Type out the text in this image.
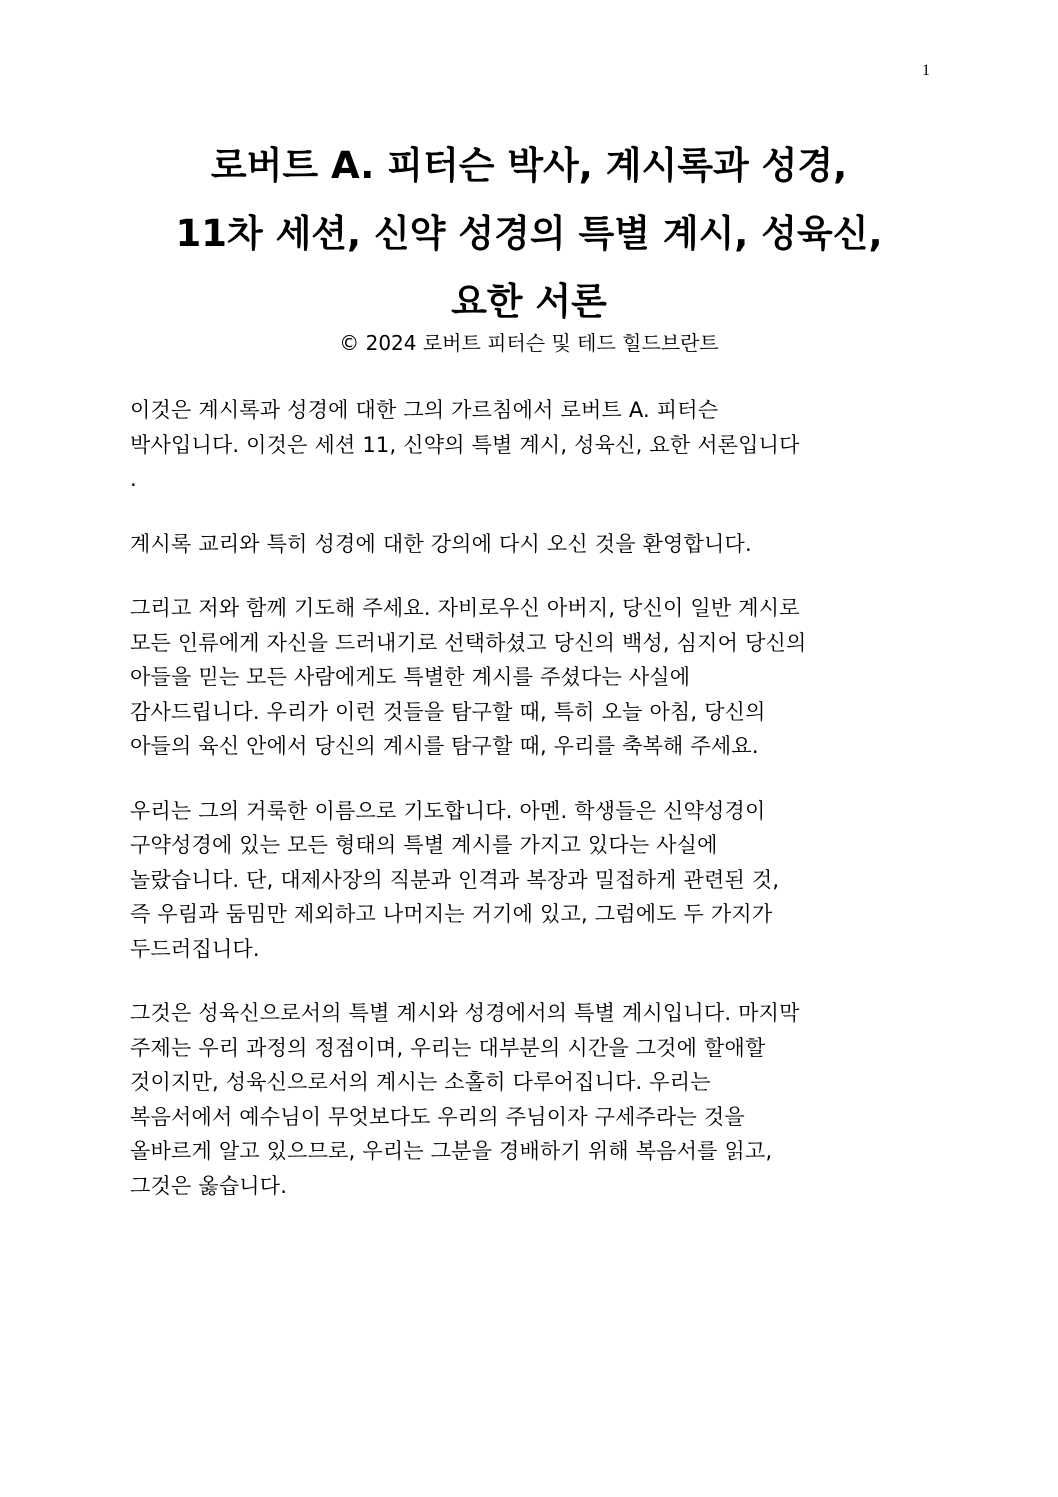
1
로버트 A. 피터슨 박사, 계시록과 성경,
11차 세션, 신약 성경의 특별 계시, 성육신,
요한 서론
© 2024 로버트 피터슨 및 테드 힐드브란트

이것은 계시록과 성경에 대한 그의 가르침에서 로버트 A. 피터슨
박사입니다. 이것은 세션 11, 신약의 특별 계시, 성육신, 요한 서론입니다
.

계시록 교리와 특히 성경에 대한 강의에 다시 오신 것을 환영합니다.

그리고 저와 함께 기도해 주세요. 자비로우신 아버지, 당신이 일반 계시로
모든 인류에게 자신을 드러내기로 선택하셨고 당신의 백성, 심지어 당신의
아들을 믿는 모든 사람에게도 특별한 계시를 주셨다는 사실에
감사드립니다. 우리가 이런 것들을 탐구할 때, 특히 오늘 아침, 당신의
아들의 육신 안에서 당신의 계시를 탐구할 때, 우리를 축복해 주세요.

우리는 그의 거룩한 이름으로 기도합니다. 아멘. 학생들은 신약성경이
구약성경에 있는 모든 형태의 특별 계시를 가지고 있다는 사실에
놀랐습니다. 단, 대제사장의 직분과 인격과 복장과 밀접하게 관련된 것,
즉 우림과 둠밈만 제외하고 나머지는 거기에 있고, 그럼에도 두 가지가
두드러집니다.

그것은 성육신으로서의 특별 계시와 성경에서의 특별 계시입니다. 마지막
주제는 우리 과정의 정점이며, 우리는 대부분의 시간을 그것에 할애할
것이지만, 성육신으로서의 계시는 소홀히 다루어집니다. 우리는
복음서에서 예수님이 무엇보다도 우리의 주님이자 구세주라는 것을
올바르게 알고 있으므로, 우리는 그분을 경배하기 위해 복음서를 읽고,
그것은 옳습니다.
